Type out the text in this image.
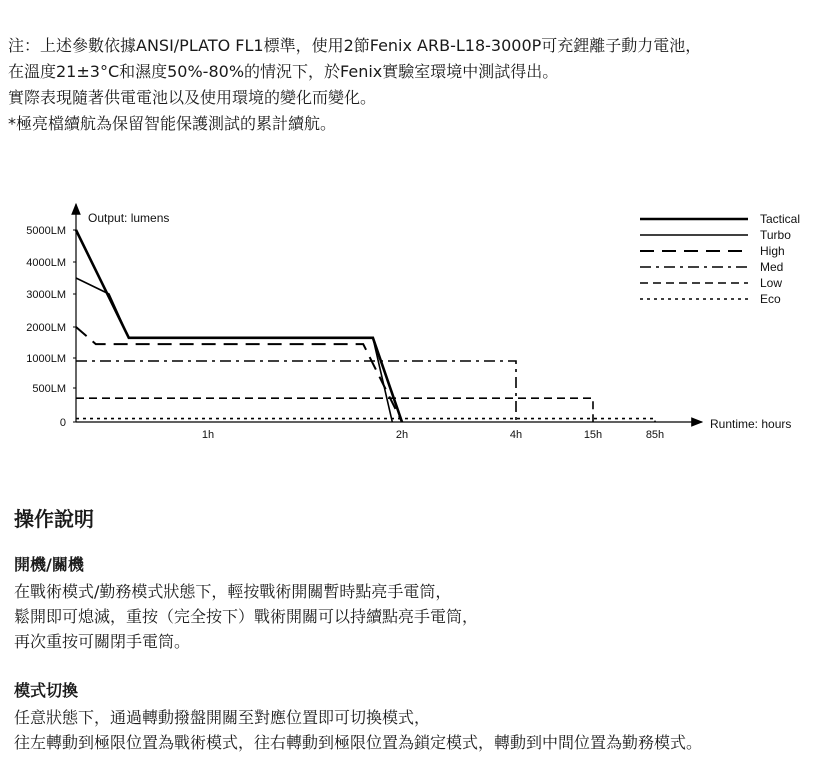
注：上述參數依據ANSI/PLATO FL1標準，使用2節Fenix ARB-L18-3000P可充鋰離子動力電池，

在溫度21±3°C和濕度50%-80%的情況下，於Fenix實驗室環境中測試得出。

實際表現隨著供電電池以及使用環境的變化而變化。

*極亮檔續航為保留智能保護測試的累計續航。

5000LM
4000LM
3000LM
2000LM
1000LM
500LM
0
1h	2h	4h	15h	85h
Tactical
Turbo
High
Med
Low
Eco
Output: lumens
Runtime: hours
操作說明
開機/關機

在戰術模式/勤務模式狀態下，輕按戰術開關暫時點亮手電筒，

鬆開即可熄滅，重按（完全按下）戰術開關可以持續點亮手電筒，

再次重按可關閉手電筒。

模式切換

任意狀態下，通過轉動撥盤開關至對應位置即可切換模式，

往左轉動到極限位置為戰術模式，往右轉動到極限位置為鎖定模式，轉動到中間位置為勤務模式。
